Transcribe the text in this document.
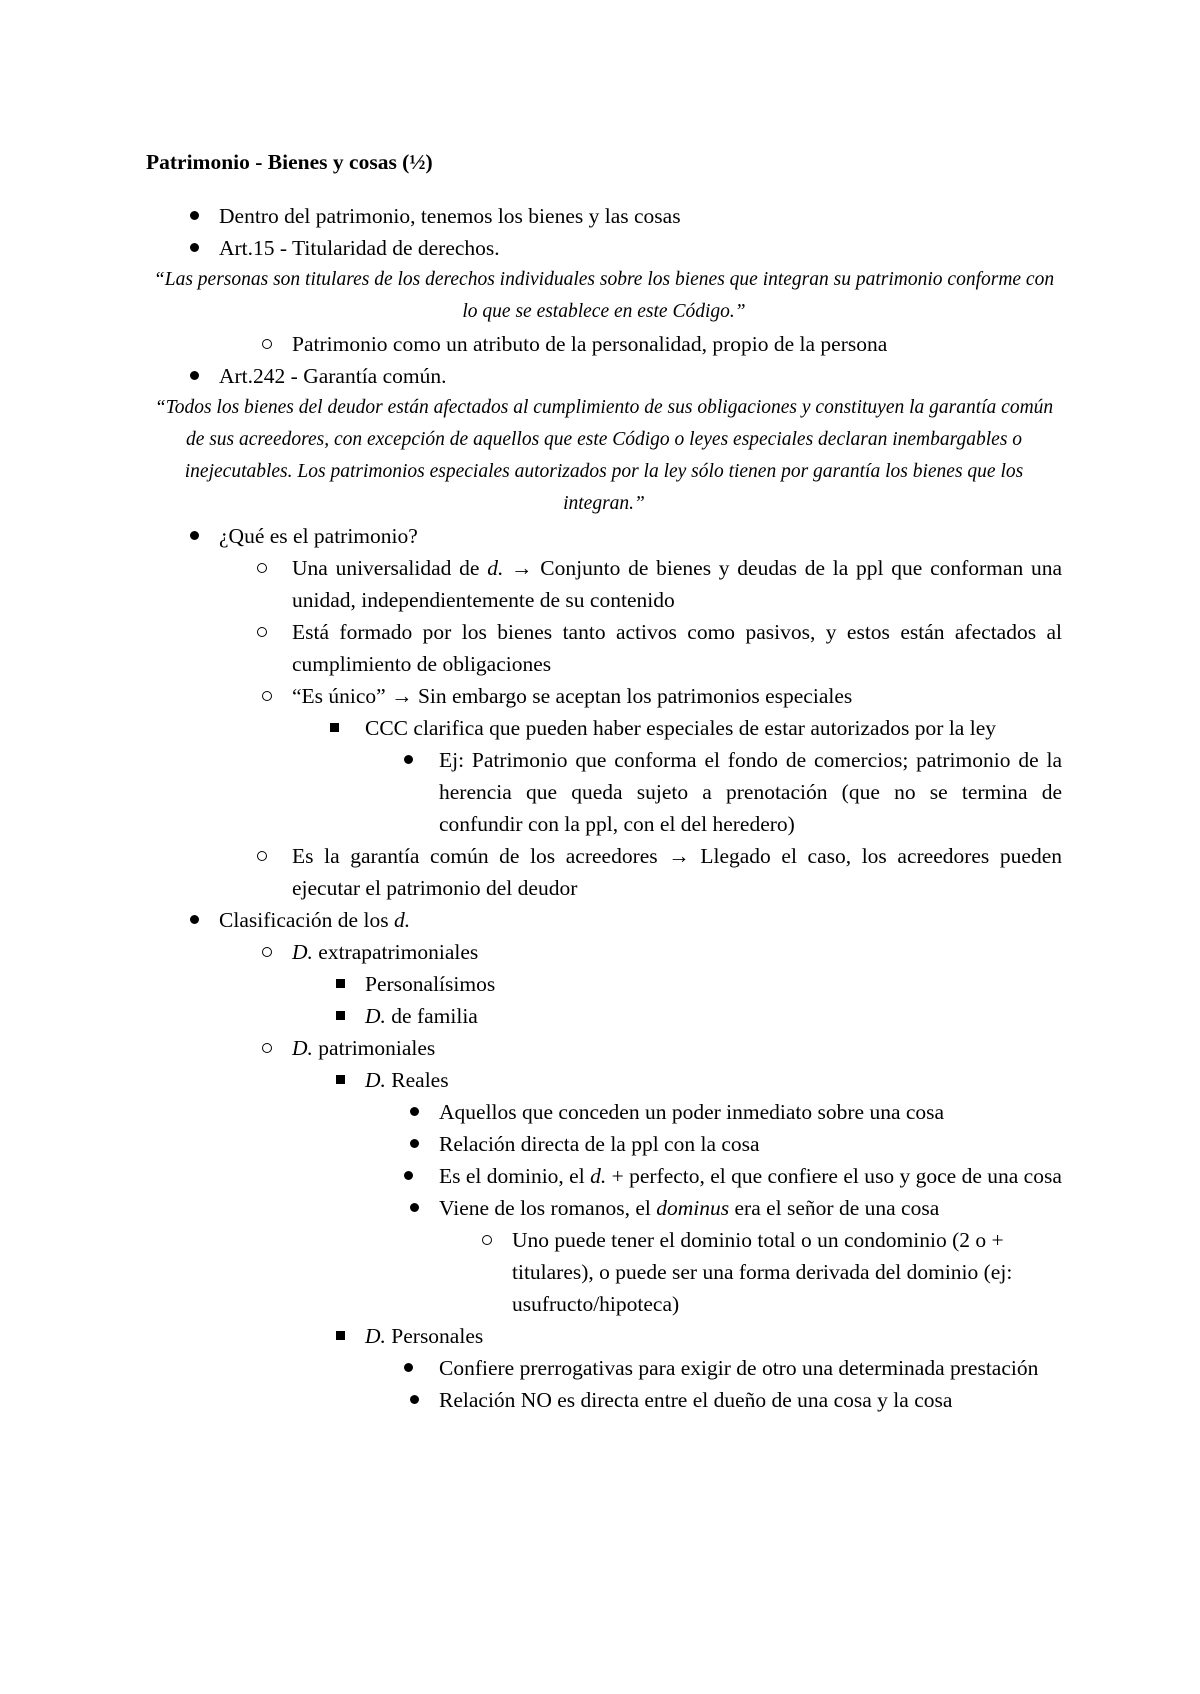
Patrimonio - Bienes y cosas (½)

Dentro del patrimonio, tenemos los bienes y las cosas
Art.15 - Titularidad de derechos.

“Las personas son titulares de los derechos individuales sobre los bienes que integran su patrimonio conforme con lo que se establece en este Código.”

Patrimonio como un atributo de la personalidad, propio de la persona
Art.242 - Garantía común.

“Todos los bienes del deudor están afectados al cumplimiento de sus obligaciones y constituyen la garantía común de sus acreedores, con excepción de aquellos que este Código o leyes especiales declaran inembargables o inejecutables. Los patrimonios especiales autorizados por la ley sólo tienen por garantía los bienes que los integran.”

¿Qué es el patrimonio?
Una universalidad de d. → Conjunto de bienes y deudas de la ppl que conforman una unidad, independientemente de su contenido
Está formado por los bienes tanto activos como pasivos, y estos están afectados al cumplimiento de obligaciones
“Es único” → Sin embargo se aceptan los patrimonios especiales
CCC clarifica que pueden haber especiales de estar autorizados por la ley
Ej: Patrimonio que conforma el fondo de comercios; patrimonio de la herencia que queda sujeto a prenotación (que no se termina de confundir con la ppl, con el del heredero)
Es la garantía común de los acreedores → Llegado el caso, los acreedores pueden ejecutar el patrimonio del deudor
Clasificación de los d.
D. extrapatrimoniales
Personalísimos
D. de familia
D. patrimoniales
D. Reales
Aquellos que conceden un poder inmediato sobre una cosa
Relación directa de la ppl con la cosa
Es el dominio, el d. + perfecto, el que confiere el uso y goce de una cosa
Viene de los romanos, el dominus era el señor de una cosa
Uno puede tener el dominio total o un condominio (2 o + titulares), o puede ser una forma derivada del dominio (ej: usufructo/hipoteca)
D. Personales
Confiere prerrogativas para exigir de otro una determinada prestación
Relación NO es directa entre el dueño de una cosa y la cosa
